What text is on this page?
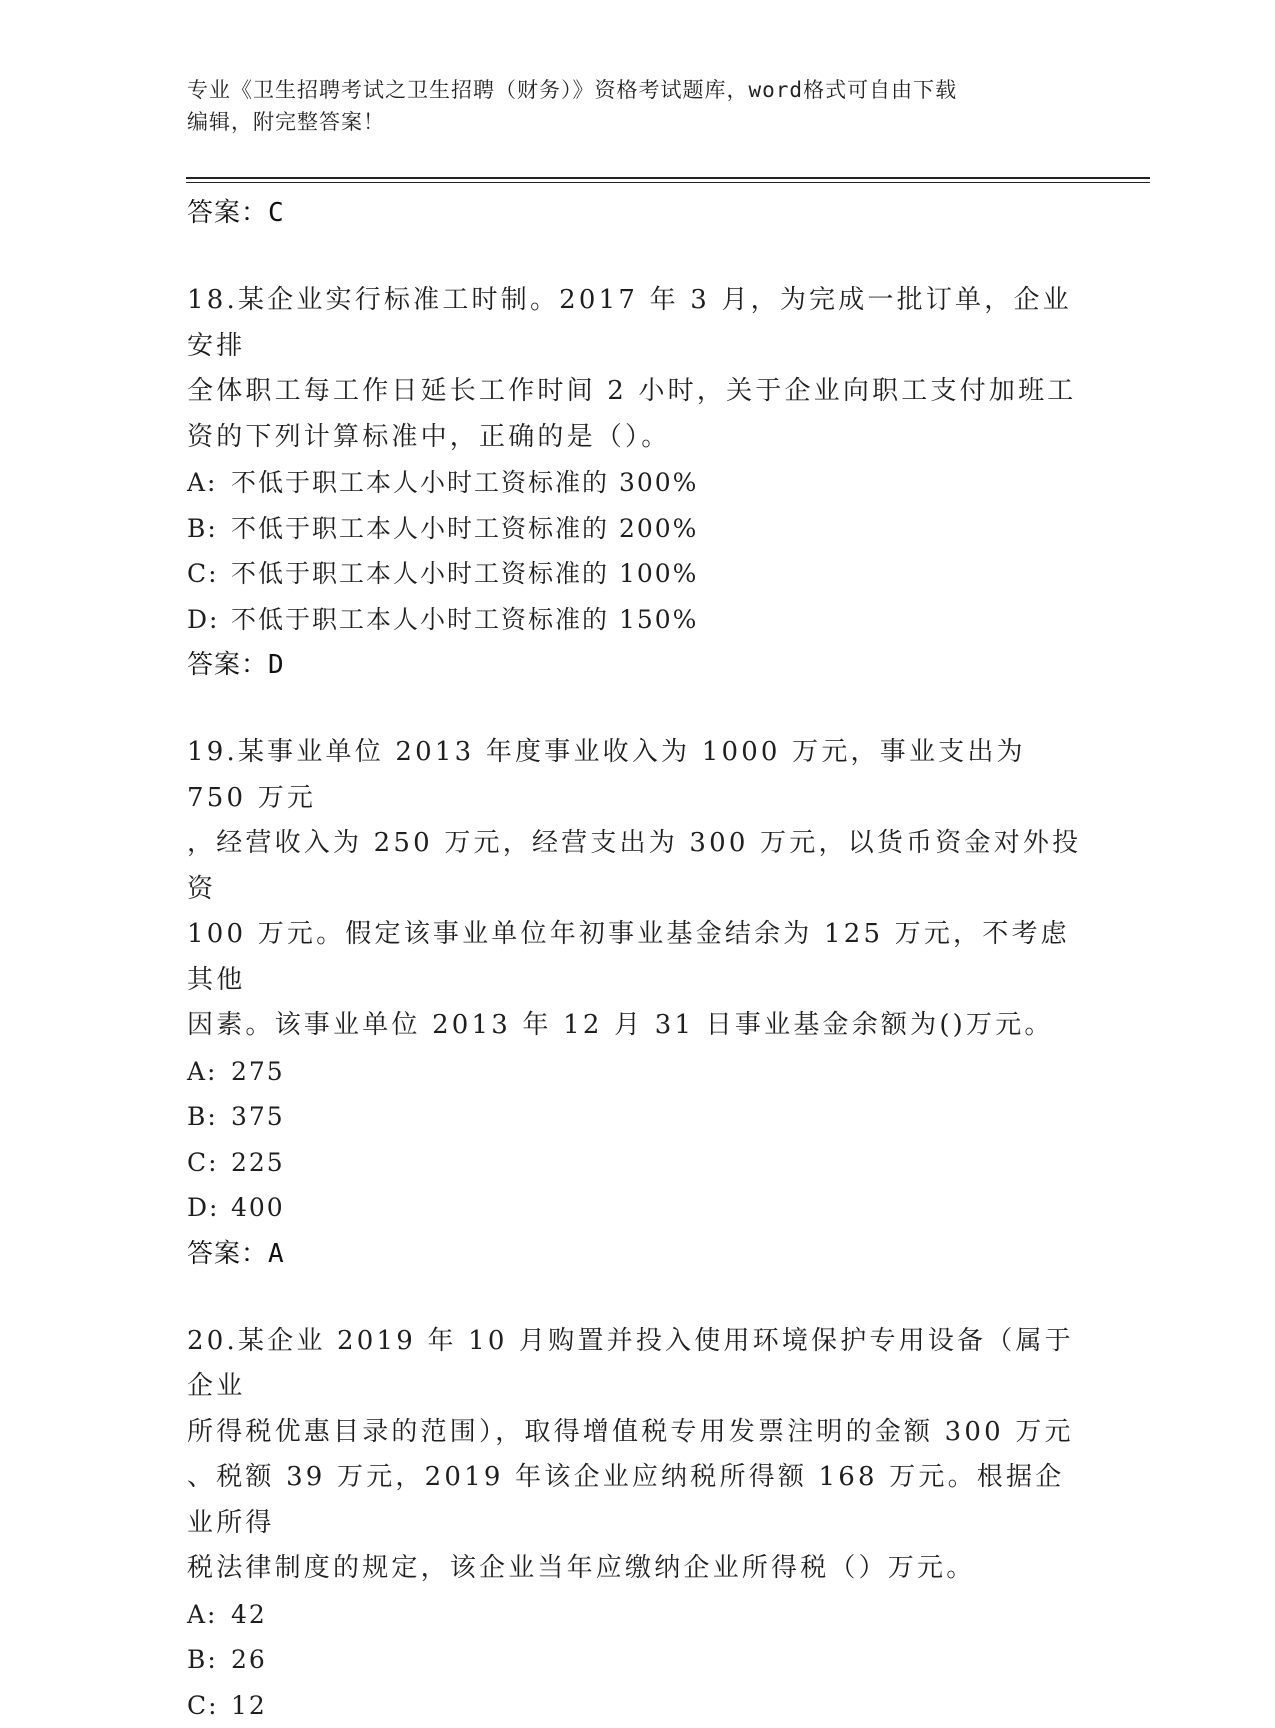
专业《卫生招聘考试之卫生招聘（财务）》资格考试题库，word格式可自由下载
编辑，附完整答案！
答案：C
18.某企业实行标准工时制。2017 年 3 月，为完成一批订单，企业安排
全体职工每工作日延长工作时间 2 小时，关于企业向职工支付加班工
资的下列计算标准中，正确的是（）。
A: 不低于职工本人小时工资标准的 300%
B: 不低于职工本人小时工资标准的 200%
C: 不低于职工本人小时工资标准的 100%
D: 不低于职工本人小时工资标准的 150%
答案：D
19.某事业单位 2013 年度事业收入为 1000 万元，事业支出为 750 万元
，经营收入为 250 万元，经营支出为 300 万元，以货币资金对外投资
100 万元。假定该事业单位年初事业基金结余为 125 万元，不考虑其他
因素。该事业单位 2013 年 12 月 31 日事业基金余额为()万元。
A: 275
B: 375
C: 225
D: 400
答案：A
20.某企业 2019 年 10 月购置并投入使用环境保护专用设备（属于企业
所得税优惠目录的范围），取得增值税专用发票注明的金额 300 万元
、税额 39 万元，2019 年该企业应纳税所得额 168 万元。根据企业所得
税法律制度的规定，该企业当年应缴纳企业所得税（）万元。
A: 42
B: 26
C: 12
